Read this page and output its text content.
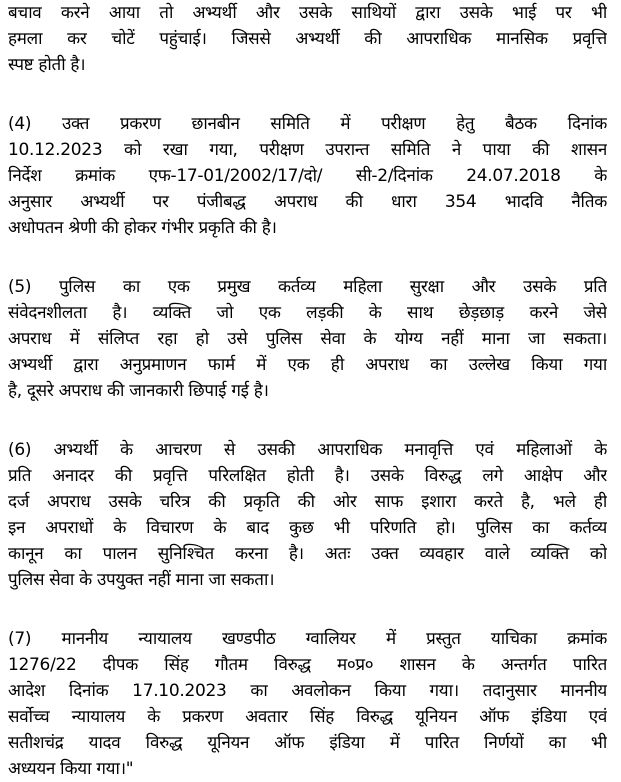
बचाव करने आया तो अभ्यर्थी और उसके साथियों द्वारा उसके भाई पर भी
हमला कर चोटें पहुंचाई। जिससे अभ्यर्थी की आपराधिक मानसिक प्रवृत्ति
स्पष्ट होती है।
(4) उक्त प्रकरण छानबीन समिति में परीक्षण हेतु बैठक दिनांक
10.12.2023 को रखा गया, परीक्षण उपरान्त समिति ने पाया की शासन
निर्देश क्रमांक एफ-17-01/2002/17/दो/ सी-2/दिनांक 24.07.2018 के
अनुसार अभ्यर्थी पर पंजीबद्ध अपराध की धारा 354 भादवि नैतिक
अधोपतन श्रेणी की होकर गंभीर प्रकृति की है।
(5) पुलिस का एक प्रमुख कर्तव्य महिला सुरक्षा और उसके प्रति
संवेदनशीलता है। व्यक्ति जो एक लड़की के साथ छेड़छाड़ करने जेसे
अपराध में संलिप्त रहा हो उसे पुलिस सेवा के योग्य नहीं माना जा सकता।
अभ्यर्थी द्वारा अनुप्रमाणन फार्म में एक ही अपराध का उल्लेख किया गया
है, दूसरे अपराध की जानकारी छिपाई गई है।
(6) अभ्यर्थी के आचरण से उसकी आपराधिक मनावृत्ति एवं महिलाओं के
प्रति अनादर की प्रवृत्ति परिलक्षित होती है। उसके विरुद्ध लगे आक्षेप और
दर्ज अपराध उसके चरित्र की प्रकृति की ओर साफ इशारा करते है, भले ही
इन अपराधों के विचारण के बाद कुछ भी परिणति हो। पुलिस का कर्तव्य
कानून का पालन सुनिश्चित करना है। अतः उक्त व्यवहार वाले व्यक्ति को
पुलिस सेवा के उपयुक्त नहीं माना जा सकता।
(7) माननीय न्यायालय खण्डपीठ ग्वालियर में प्रस्तुत याचिका क्रमांक
1276/22 दीपक सिंह गौतम विरुद्ध म०प्र० शासन के अन्तर्गत पारित
आदेश दिनांक 17.10.2023 का अवलोकन किया गया। तदानुसार माननीय
सर्वोच्च न्यायालय के प्रकरण अवतार सिंह विरुद्ध यूनियन ऑफ इंडिया एवं
सतीशचंद्र यादव विरुद्ध यूनियन ऑफ इंडिया में पारित निर्णयों का भी
अध्ययन किया गया।"
